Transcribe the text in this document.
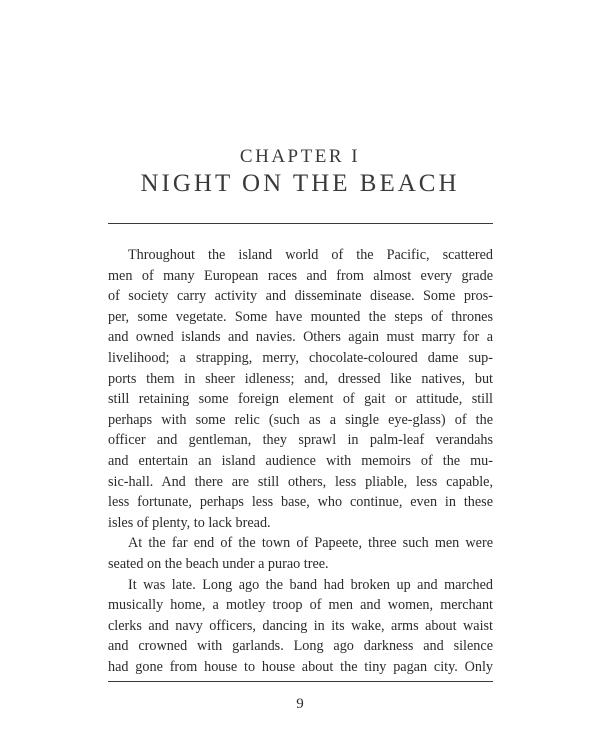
CHAPTER I
NIGHT ON THE BEACH
Throughout the island world of the Pacific, scattered
men of many European races and from almost every grade
of society carry activity and disseminate disease. Some pros-
per, some vegetate. Some have mounted the steps of thrones
and owned islands and navies. Others again must marry for a
livelihood; a strapping, merry, chocolate-coloured dame sup-
ports them in sheer idleness; and, dressed like natives, but
still retaining some foreign element of gait or attitude, still
perhaps with some relic (such as a single eye-glass) of the
officer and gentleman, they sprawl in palm-leaf verandahs
and entertain an island audience with memoirs of the mu-
sic-hall. And there are still others, less pliable, less capable,
less fortunate, perhaps less base, who continue, even in these
isles of plenty, to lack bread.
At the far end of the town of Papeete, three such men were
seated on the beach under a purao tree.
It was late. Long ago the band had broken up and marched
musically home, a motley troop of men and women, merchant
clerks and navy officers, dancing in its wake, arms about waist
and crowned with garlands. Long ago darkness and silence
had gone from house to house about the tiny pagan city. Only
9
